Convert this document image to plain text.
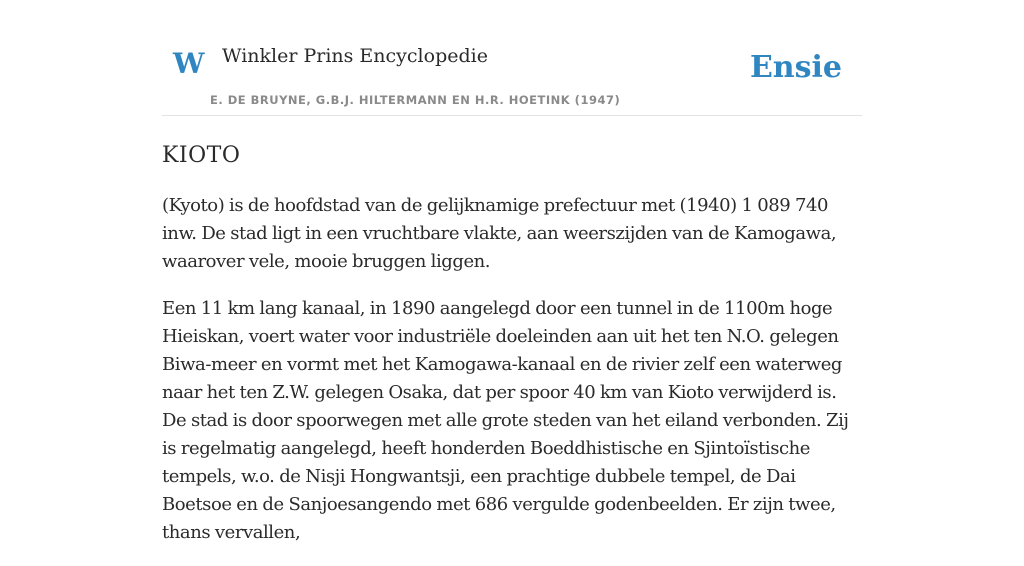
W Winkler Prins Encyclopedie
E. DE BRUYNE, G.B.J. HILTERMANN EN H.R. HOETINK (1947)
Ensie
KIOTO

(Kyoto) is de hoofdstad van de gelijknamige prefectuur met (1940) 1 089 740 inw. De stad ligt in een vruchtbare vlakte, aan weerszijden van de Kamogawa, waarover vele, mooie bruggen liggen.

Een 11 km lang kanaal, in 1890 aangelegd door een tunnel in de 1100m hoge Hieiskan, voert water voor industriële doeleinden aan uit het ten N.O. gelegen Biwa-meer en vormt met het Kamogawa-kanaal en de rivier zelf een waterweg naar het ten Z.W. gelegen Osaka, dat per spoor 40 km van Kioto verwijderd is. De stad is door spoorwegen met alle grote steden van het eiland verbonden. Zij is regelmatig aangelegd, heeft honderden Boeddhistische en Sjintoïstische tempels, w.o. de Nisji Hongwantsji, een prachtige dubbele tempel, de Dai Boetsoe en de Sanjoesangendo met 686 vergulde godenbeelden. Er zijn twee, thans vervallen,
